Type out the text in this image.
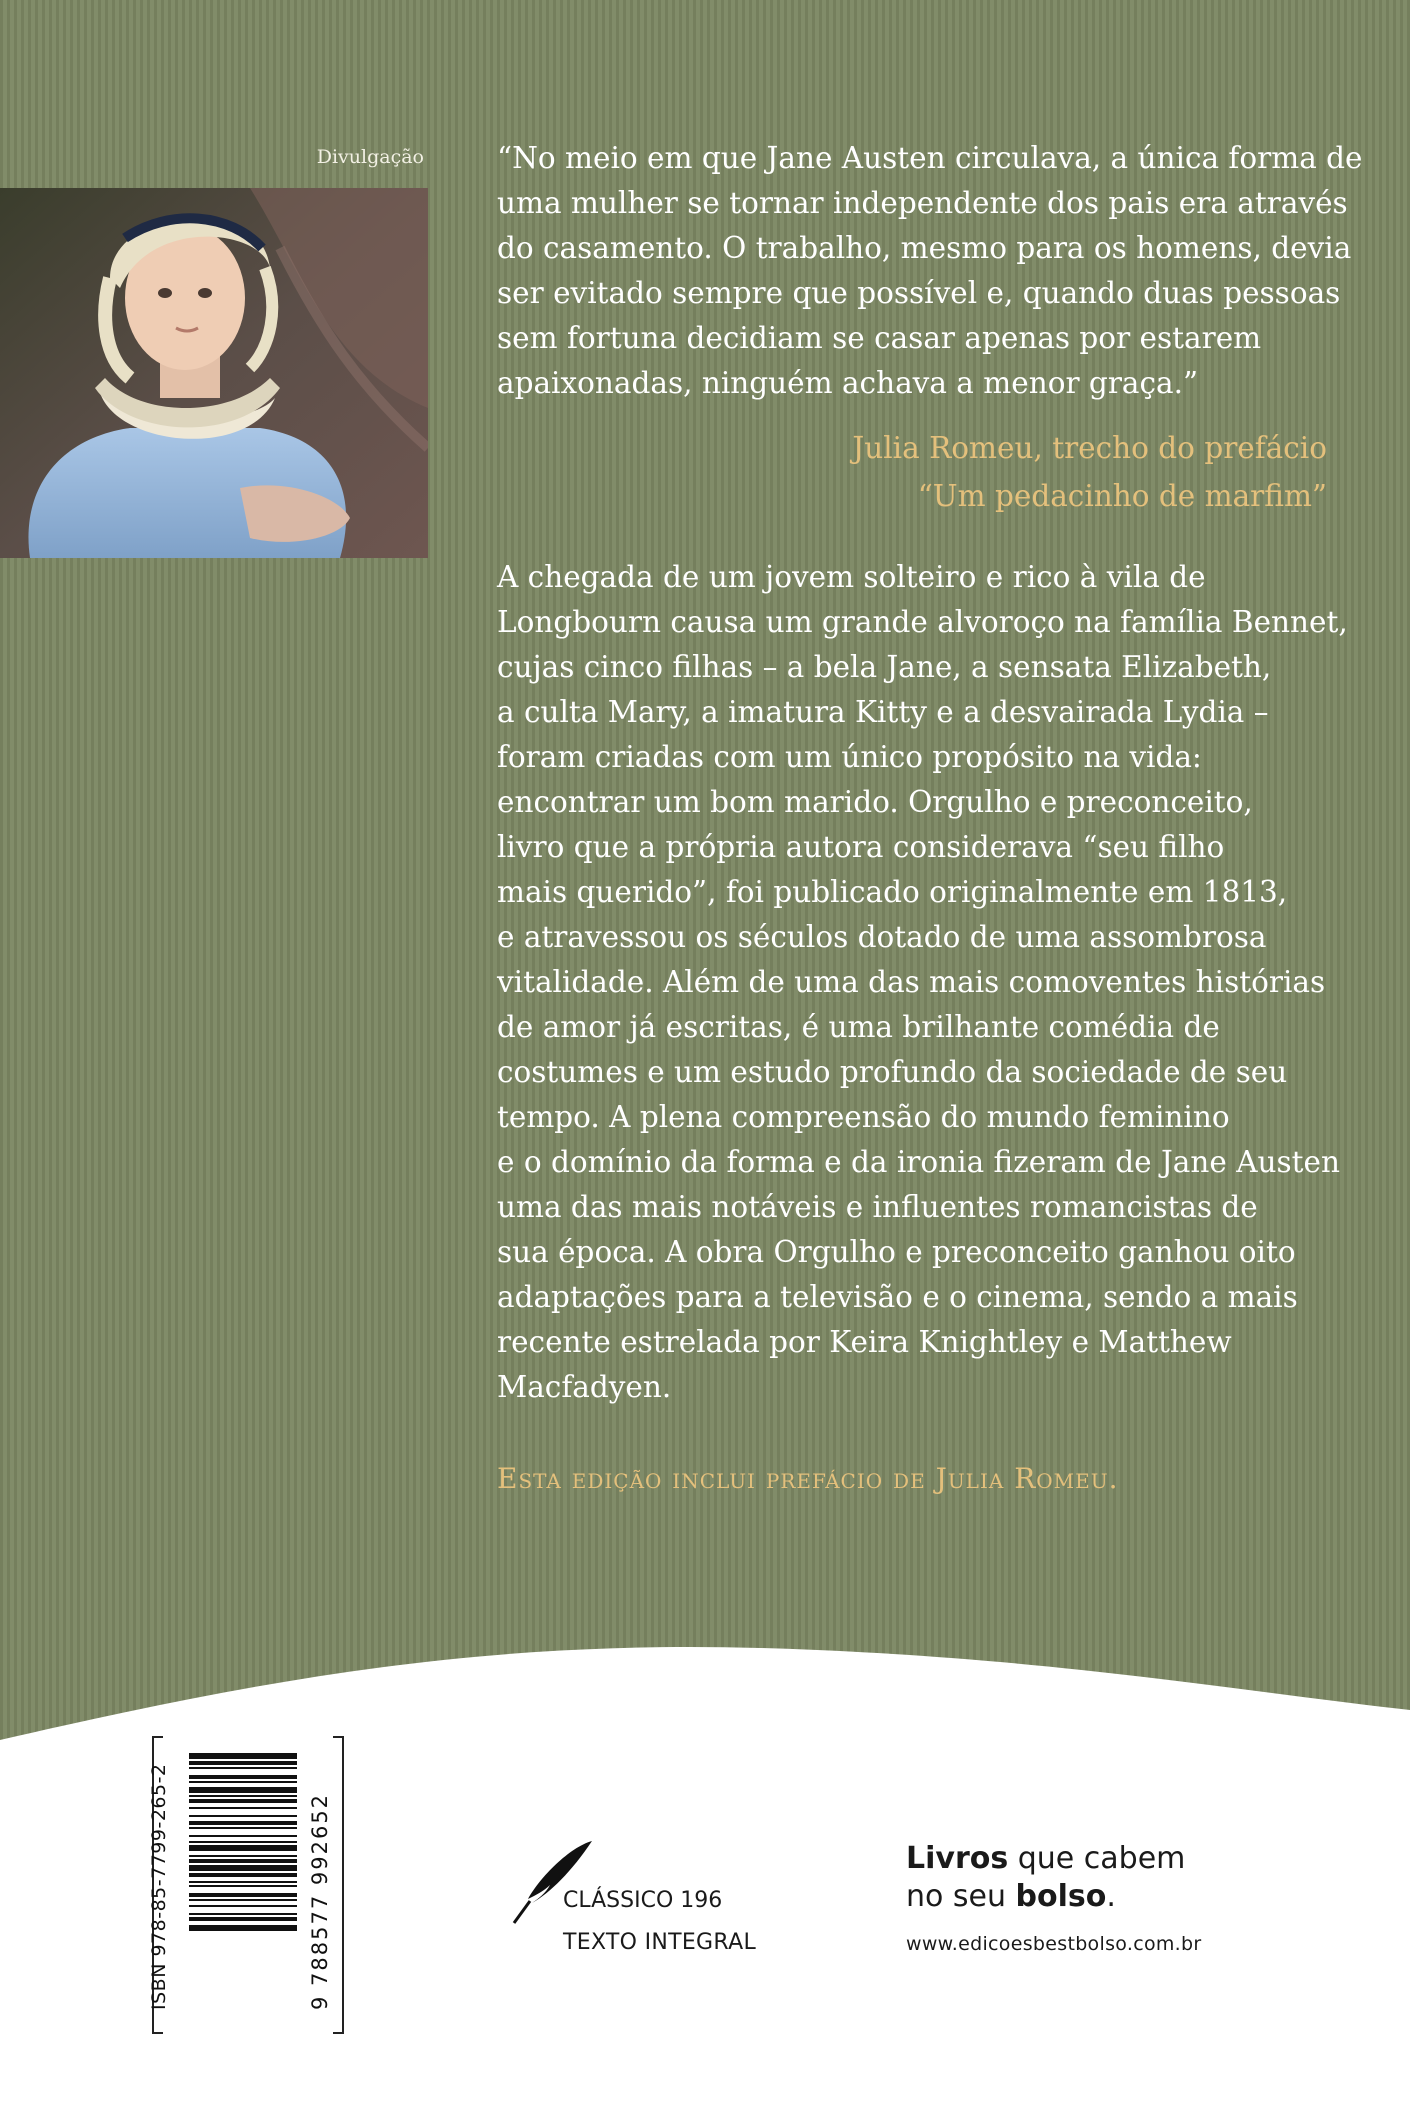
Divulgação “No meio em que Jane Austen circulava, a única forma de
uma mulher se tornar independente dos pais era através
do casamento. O trabalho, mesmo para os homens, devia
ser evitado sempre que possível e, quando duas pessoas
sem fortuna decidiam se casar apenas por estarem
apaixonadas, ninguém achava a menor graça.”
Julia Romeu, trecho do prefácio
“Um pedacinho de marfim”
A chegada de um jovem solteiro e rico à vila de
Longbourn causa um grande alvoroço na família Bennet,
cujas cinco filhas – a bela Jane, a sensata Elizabeth,
a culta Mary, a imatura Kitty e a desvairada Lydia –
foram criadas com um único propósito na vida:
encontrar um bom marido. Orgulho e preconceito,
livro que a própria autora considerava “seu filho
mais querido”, foi publicado originalmente em 1813,
e atravessou os séculos dotado de uma assombrosa
vitalidade. Além de uma das mais comoventes histórias
de amor já escritas, é uma brilhante comédia de
costumes e um estudo profundo da sociedade de seu
tempo. A plena compreensão do mundo feminino
e o domínio da forma e da ironia fizeram de Jane Austen
uma das mais notáveis e influentes romancistas de
sua época. A obra Orgulho e preconceito ganhou oito
adaptações para a televisão e o cinema, sendo a mais
recente estrelada por Keira Knightley e Matthew
Macfadyen.
Esta edição inclui prefácio de Julia Romeu.
ISBN 978-85-7799-265-2	9 788577 992652	CLÁSSICO 196
TEXTO INTEGRAL
Livros que cabem
no seu bolso.
www.edicoesbestbolso.com.br
